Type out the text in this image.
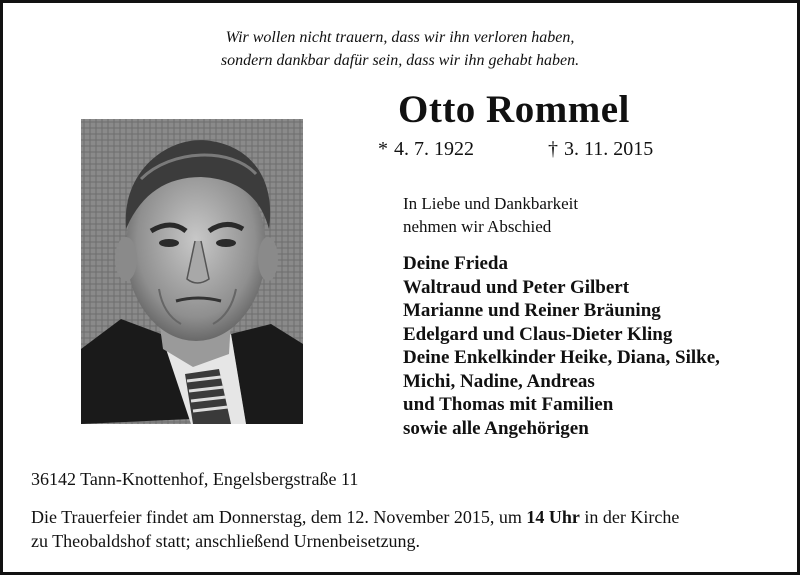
Wir wollen nicht trauern, dass wir ihn verloren haben,
sondern dankbar dafür sein, dass wir ihn gehabt haben.
Otto Rommel
* 4. 7. 1922	† 3. 11. 2015
In Liebe und Dankbarkeit
nehmen wir Abschied
Deine Frieda
Waltraud und Peter Gilbert
Marianne und Reiner Bräuning
Edelgard und Claus-Dieter Kling
Deine Enkelkinder Heike, Diana, Silke,
Michi, Nadine, Andreas
und Thomas mit Familien
sowie alle Angehörigen
36142 Tann-Knottenhof, Engelsbergstraße 11
Die Trauerfeier findet am Donnerstag, dem 12. November 2015, um 14 Uhr in der Kirche
zu Theobaldshof statt; anschließend Urnenbeisetzung.
